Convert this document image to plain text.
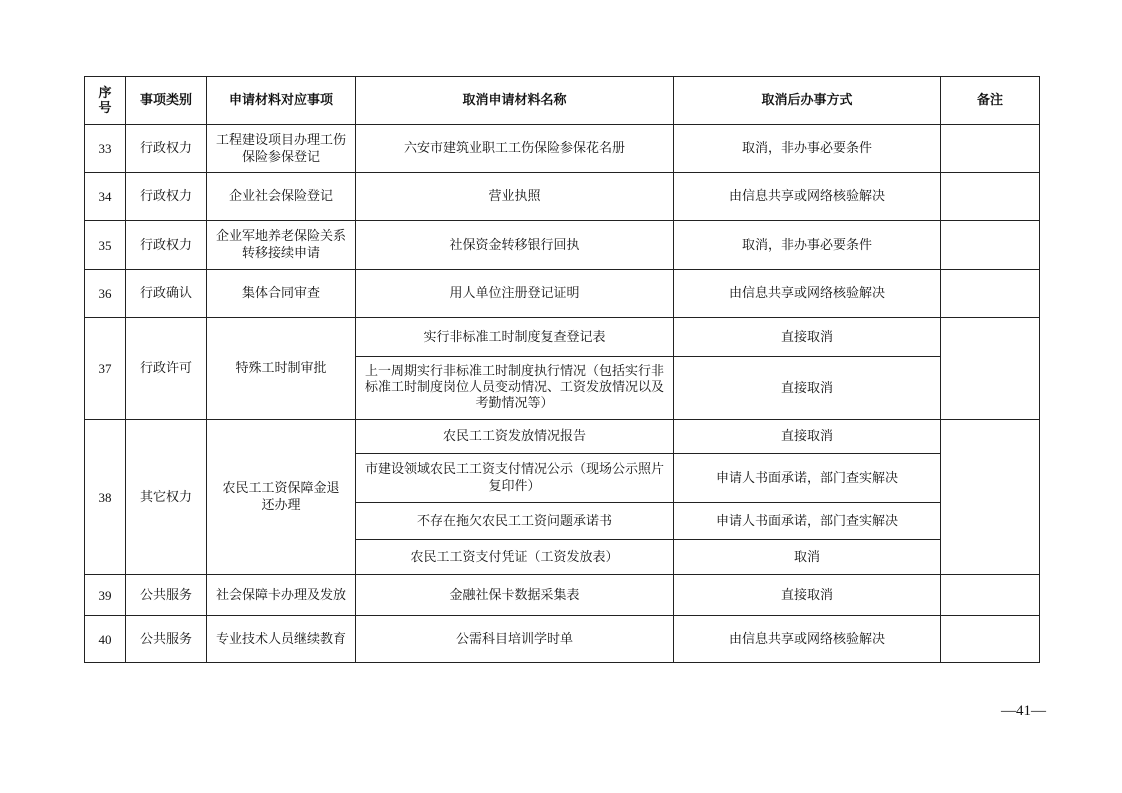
序号	事项类别	申请材料对应事项	取消申请材料名称	取消后办事方式	备注
33	行政权力	工程建设项目办理工伤保险参保登记	六安市建筑业职工工伤保险参保花名册	取消，非办事必要条件	
34	行政权力	企业社会保险登记	营业执照	由信息共享或网络核验解决	
35	行政权力	企业军地养老保险关系转移接续申请	社保资金转移银行回执	取消，非办事必要条件	
36	行政确认	集体合同审查	用人单位注册登记证明	由信息共享或网络核验解决	
37	行政许可	特殊工时制审批	实行非标准工时制度复查登记表	直接取消	
			上一周期实行非标准工时制度执行情况（包括实行非标准工时制度岗位人员变动情况、工资发放情况以及考勤情况等）	直接取消	
38	其它权力	农民工工资保障金退还办理	农民工工资发放情况报告	直接取消	
			市建设领域农民工工资支付情况公示（现场公示照片复印件）	申请人书面承诺，部门查实解决	
			不存在拖欠农民工工资问题承诺书	申请人书面承诺，部门查实解决	
			农民工工资支付凭证（工资发放表）	取消	
39	公共服务	社会保障卡办理及发放	金融社保卡数据采集表	直接取消	
40	公共服务	专业技术人员继续教育	公需科目培训学时单	由信息共享或网络核验解决	
—41—
